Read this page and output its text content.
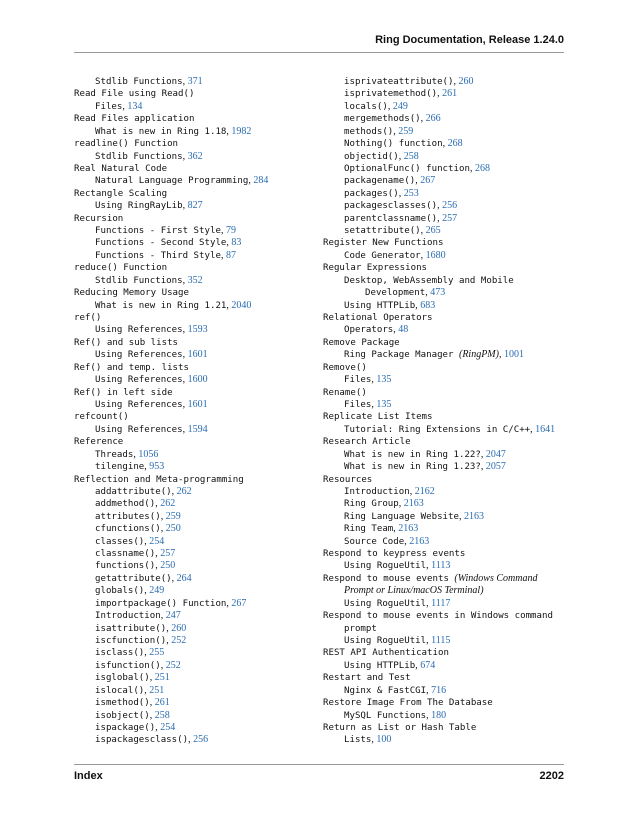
Ring Documentation, Release 1.24.0
Stdlib Functions, 371
Read File using Read()
Files, 134
Read Files application
What is new in Ring 1.18, 1982
readline() Function
Stdlib Functions, 362
Real Natural Code
Natural Language Programming, 284
Rectangle Scaling
Using RingRayLib, 827
Recursion
Functions - First Style, 79
Functions - Second Style, 83
Functions - Third Style, 87
reduce() Function
Stdlib Functions, 352
Reducing Memory Usage
What is new in Ring 1.21, 2040
ref()
Using References, 1593
Ref() and sub lists
Using References, 1601
Ref() and temp. lists
Using References, 1600
Ref() in left side
Using References, 1601
refcount()
Using References, 1594
Reference
Threads, 1056
tilengine, 953
Reflection and Meta-programming
addattribute(), 262
addmethod(), 262
attributes(), 259
cfunctions(), 250
classes(), 254
classname(), 257
functions(), 250
getattribute(), 264
globals(), 249
importpackage() Function, 267
Introduction, 247
isattribute(), 260
iscfunction(), 252
isclass(), 255
isfunction(), 252
isglobal(), 251
islocal(), 251
ismethod(), 261
isobject(), 258
ispackage(), 254
ispackagesclass(), 256
isprivateattribute(), 260
isprivatemethod(), 261
locals(), 249
mergemethods(), 266
methods(), 259
Nothing() function, 268
objectid(), 258
OptionalFunc() function, 268
packagename(), 267
packages(), 253
packagesclasses(), 256
parentclassname(), 257
setattribute(), 265
Register New Functions
Code Generator, 1680
Regular Expressions
Desktop, WebAssembly and Mobile Development, 473
Using HTTPLib, 683
Relational Operators
Operators, 48
Remove Package
Ring Package Manager (RingPM), 1001
Remove()
Files, 135
Rename()
Files, 135
Replicate List Items
Tutorial: Ring Extensions in C/C++, 1641
Research Article
What is new in Ring 1.22?, 2047
What is new in Ring 1.23?, 2057
Resources
Introduction, 2162
Ring Group, 2163
Ring Language Website, 2163
Ring Team, 2163
Source Code, 2163
Respond to keypress events
Using RogueUtil, 1113
Respond to mouse events (Windows Command Prompt or Linux/macOS Terminal)
Using RogueUtil, 1117
Respond to mouse events in Windows command prompt
Using RogueUtil, 1115
REST API Authentication
Using HTTPLib, 674
Restart and Test
Nginx & FastCGI, 716
Restore Image From The Database
MySQL Functions, 180
Return as List or Hash Table
Lists, 100
Index	2202
